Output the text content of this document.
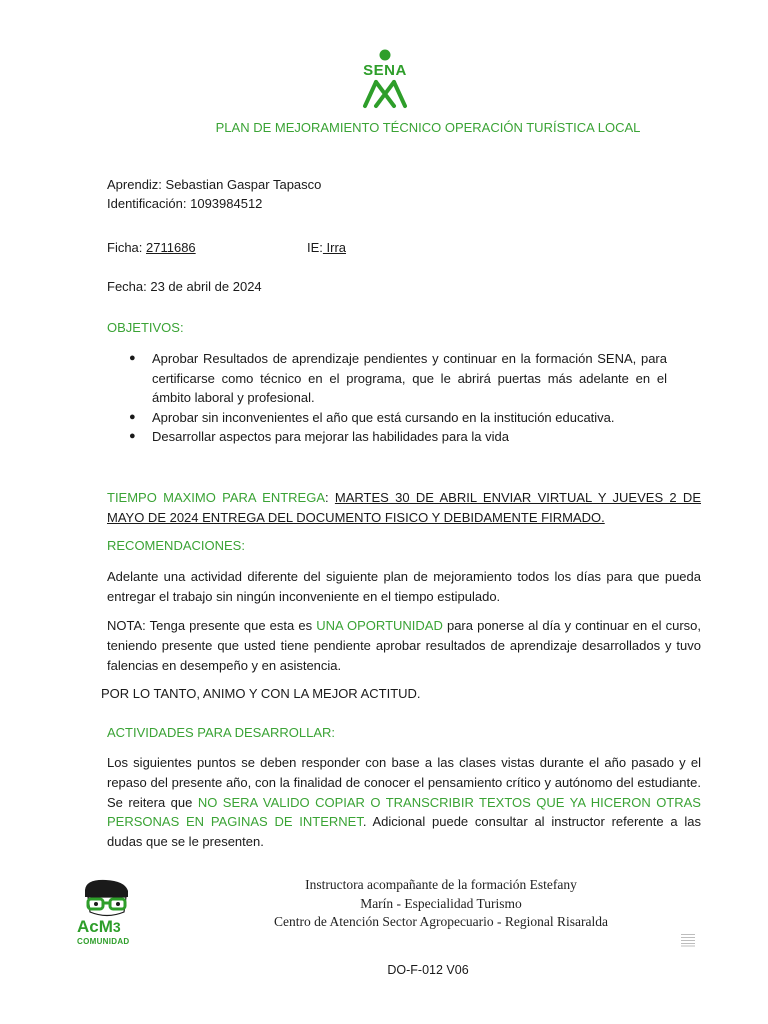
SENA
PLAN DE MEJORAMIENTO TÉCNICO OPERACIÓN TURÍSTICA LOCAL
Aprendiz: Sebastian Gaspar Tapasco
Identificación: 1093984512
Ficha: 2711686	IE: Irra
Fecha: 23 de abril de 2024
OBJETIVOS:
● Aprobar Resultados de aprendizaje pendientes y continuar en la formación SENA, para certificarse como técnico en el programa, que le abrirá puertas más adelante en el ámbito laboral y profesional.
● Aprobar sin inconvenientes el año que está cursando en la institución educativa.
● Desarrollar aspectos para mejorar las habilidades para la vida
TIEMPO MAXIMO PARA ENTREGA: MARTES 30 DE ABRIL ENVIAR VIRTUAL Y JUEVES 2 DE MAYO DE 2024 ENTREGA DEL DOCUMENTO FISICO Y DEBIDAMENTE FIRMADO.
RECOMENDACIONES:
Adelante una actividad diferente del siguiente plan de mejoramiento todos los días para que pueda entregar el trabajo sin ningún inconveniente en el tiempo estipulado.
NOTA: Tenga presente que esta es UNA OPORTUNIDAD para ponerse al día y continuar en el curso, teniendo presente que usted tiene pendiente aprobar resultados de aprendizaje desarrollados y tuvo falencias en desempeño y en asistencia.
POR LO TANTO, ANIMO Y CON LA MEJOR ACTITUD.
ACTIVIDADES PARA DESARROLLAR:
Los siguientes puntos se deben responder con base a las clases vistas durante el año pasado y el repaso del presente año, con la finalidad de conocer el pensamiento crítico y autónomo del estudiante. Se reitera que NO SERA VALIDO COPIAR O TRANSCRIBIR TEXTOS QUE YA HICERON OTRAS PERSONAS EN PAGINAS DE INTERNET. Adicional puede consultar al instructor referente a las dudas que se le presenten.
AcM3
COMUNIDAD
Instructora acompañante de la formación Estefany
Marín - Especialidad Turismo
Centro de Atención Sector Agropecuario - Regional Risaralda
DO-F-012 V06
